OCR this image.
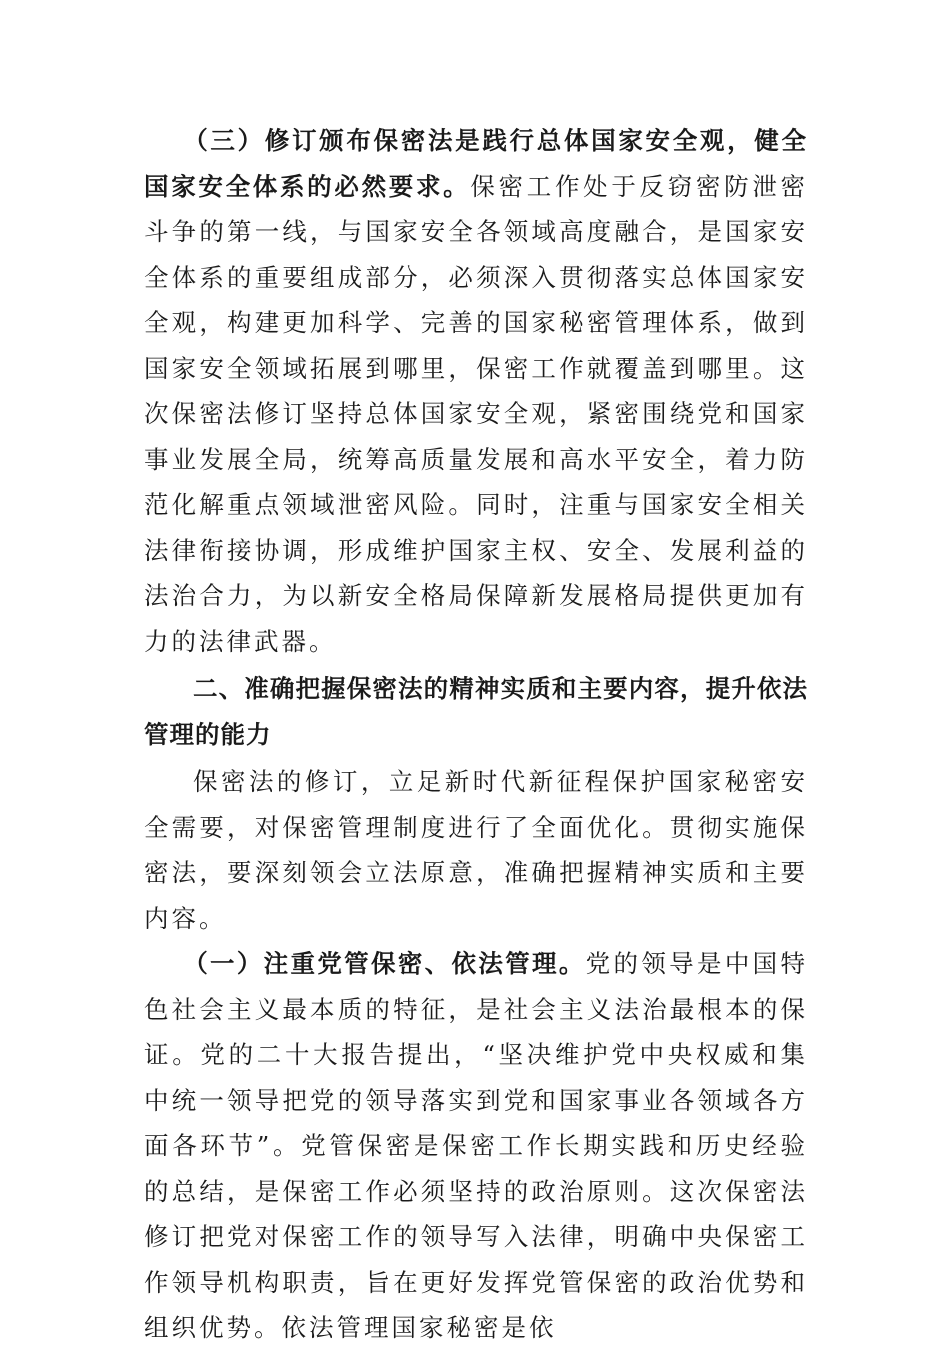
（三）修订颁布保密法是践行总体国家安全观，健全国家安全体系的必然要求。保密工作处于反窃密防泄密斗争的第一线，与国家安全各领域高度融合，是国家安全体系的重要组成部分，必须深入贯彻落实总体国家安全观，构建更加科学、完善的国家秘密管理体系，做到国家安全领域拓展到哪里，保密工作就覆盖到哪里。这次保密法修订坚持总体国家安全观，紧密围绕党和国家事业发展全局，统筹高质量发展和高水平安全，着力防范化解重点领域泄密风险。同时，注重与国家安全相关法律衔接协调，形成维护国家主权、安全、发展利益的法治合力，为以新安全格局保障新发展格局提供更加有力的法律武器。

二、准确把握保密法的精神实质和主要内容，提升依法管理的能力

保密法的修订，立足新时代新征程保护国家秘密安全需要，对保密管理制度进行了全面优化。贯彻实施保密法，要深刻领会立法原意，准确把握精神实质和主要内容。

（一）注重党管保密、依法管理。党的领导是中国特色社会主义最本质的特征，是社会主义法治最根本的保证。党的二十大报告提出，“坚决维护党中央权威和集中统一领导把党的领导落实到党和国家事业各领域各方面各环节”。党管保密是保密工作长期实践和历史经验的总结，是保密工作必须坚持的政治原则。这次保密法修订把党对保密工作的领导写入法律，明确中央保密工作领导机构职责，旨在更好发挥党管保密的政治优势和组织优势。依法管理国家秘密是依
